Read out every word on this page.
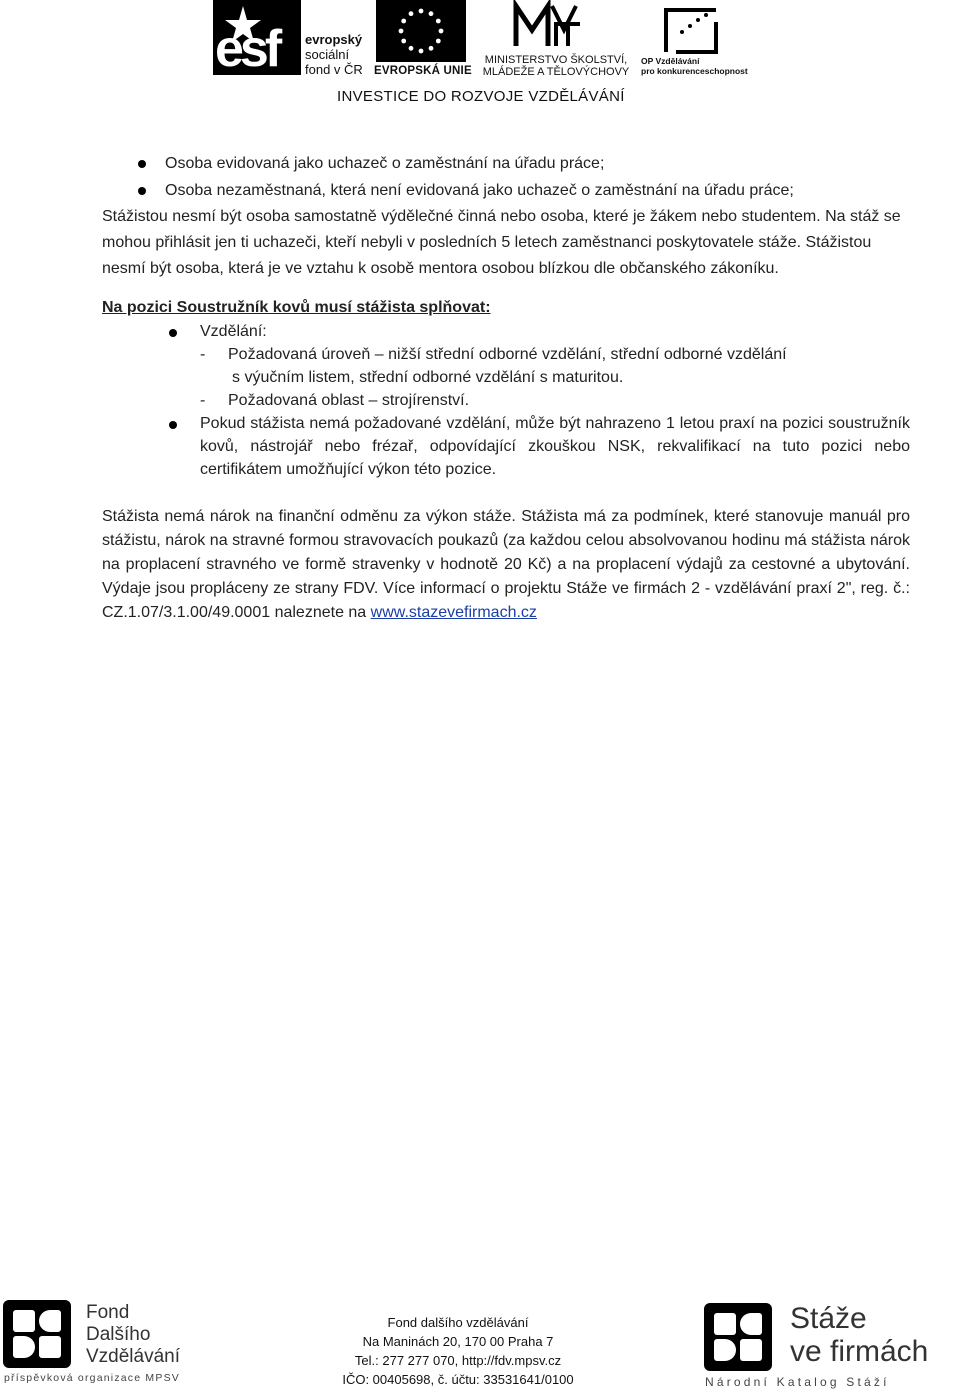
esf evropský
sociální
fond v ČR EVROPSKÁ UNIE
MINISTERSTVO ŠKOLSTVÍ,
MLÁDEŽE A TĚLOVÝCHOVY
OP Vzdělávání
pro konkurenceschopnost
INVESTICE DO ROZVOJE VZDĚLÁVÁNÍ
Osoba evidovaná jako uchazeč o zaměstnání na úřadu práce;
Osoba nezaměstnaná, která není evidovaná jako uchazeč o zaměstnání na úřadu práce;

Stážistou nesmí být osoba samostatně výdělečné činná nebo osoba, které je žákem nebo studentem. Na stáž se mohou přihlásit jen ti uchazeči, kteří nebyli v posledních 5 letech zaměstnanci poskytovatele stáže. Stážistou nesmí být osoba, která je ve vztahu k osobě mentora osobou blízkou dle občanského zákoníku.

Na pozici Soustružník kovů musí stážista splňovat:
Vzdělání:
- Požadovaná úroveň – nižší střední odborné vzdělání, střední odborné vzdělání
s výučním listem, střední odborné vzdělání s maturitou.
- Požadovaná oblast – strojírenství.
Pokud stážista nemá požadované vzdělání, může být nahrazeno 1 letou praxí na pozici soustružník kovů, nástrojář nebo frézař, odpovídající zkouškou NSK, rekvalifikací na tuto pozici nebo certifikátem umožňující výkon této pozice.
Stážista nemá nárok na finanční odměnu za výkon stáže. Stážista má za podmínek, které stanovuje manuál pro stážistu, nárok na stravné formou stravovacích poukazů (za každou celou absolvovanou hodinu má stážista nárok na proplacení stravného ve formě stravenky v hodnotě 20 Kč) a na proplacení výdajů za cestovné a ubytování. Výdaje jsou propláceny ze strany FDV. Více informací o projektu Stáže ve firmách 2 - vzdělávání praxí 2", reg. č.: CZ.1.07/3.1.00/49.0001 naleznete na www.stazevefirmach.cz
Fond
Dalšího
Vzdělávání
příspěvková organizace MPSV
Fond dalšího vzdělávání
Na Maninách 20, 170 00 Praha 7
Tel.: 277 277 070, http://fdv.mpsv.cz
IČO: 00405698, č. účtu: 33531641/0100
Stáže
ve firmách
Národní Katalog Stáží
